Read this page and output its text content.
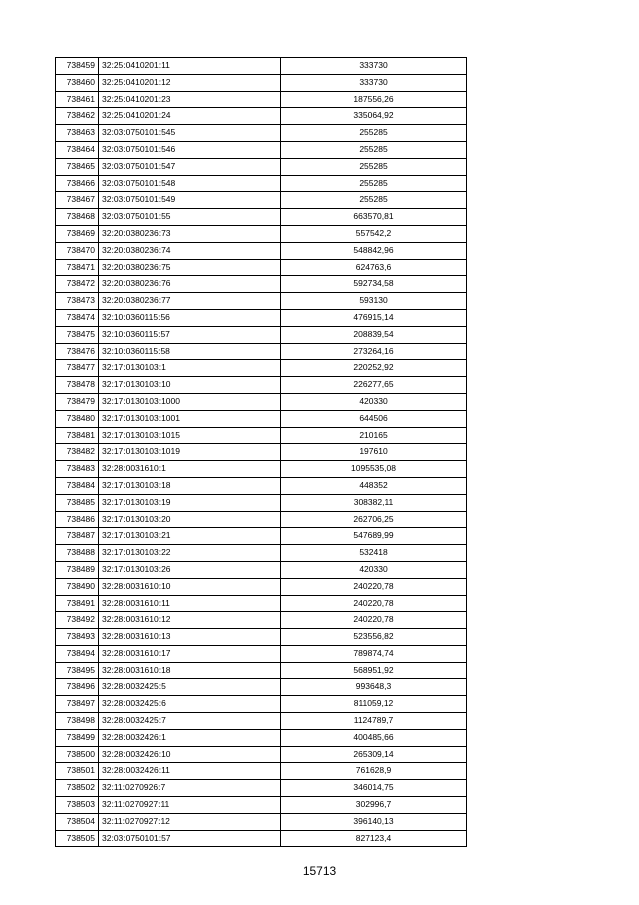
738459	32:25:0410201:11	333730
738460	32:25:0410201:12	333730
738461	32:25:0410201:23	187556,26
738462	32:25:0410201:24	335064,92
738463	32:03:0750101:545	255285
738464	32:03:0750101:546	255285
738465	32:03:0750101:547	255285
738466	32:03:0750101:548	255285
738467	32:03:0750101:549	255285
738468	32:03:0750101:55	663570,81
738469	32:20:0380236:73	557542,2
738470	32:20:0380236:74	548842,96
738471	32:20:0380236:75	624763,6
738472	32:20:0380236:76	592734,58
738473	32:20:0380236:77	593130
738474	32:10:0360115:56	476915,14
738475	32:10:0360115:57	208839,54
738476	32:10:0360115:58	273264,16
738477	32:17:0130103:1	220252,92
738478	32:17:0130103:10	226277,65
738479	32:17:0130103:1000	420330
738480	32:17:0130103:1001	644506
738481	32:17:0130103:1015	210165
738482	32:17:0130103:1019	197610
738483	32:28:0031610:1	1095535,08
738484	32:17:0130103:18	448352
738485	32:17:0130103:19	308382,11
738486	32:17:0130103:20	262706,25
738487	32:17:0130103:21	547689,99
738488	32:17:0130103:22	532418
738489	32:17:0130103:26	420330
738490	32:28:0031610:10	240220,78
738491	32:28:0031610:11	240220,78
738492	32:28:0031610:12	240220,78
738493	32:28:0031610:13	523556,82
738494	32:28:0031610:17	789874,74
738495	32:28:0031610:18	568951,92
738496	32:28:0032425:5	993648,3
738497	32:28:0032425:6	811059,12
738498	32:28:0032425:7	1124789,7
738499	32:28:0032426:1	400485,66
738500	32:28:0032426:10	265309,14
738501	32:28:0032426:11	761628,9
738502	32:11:0270926:7	346014,75
738503	32:11:0270927:11	302996,7
738504	32:11:0270927:12	396140,13
738505	32:03:0750101:57	827123,4
15713
